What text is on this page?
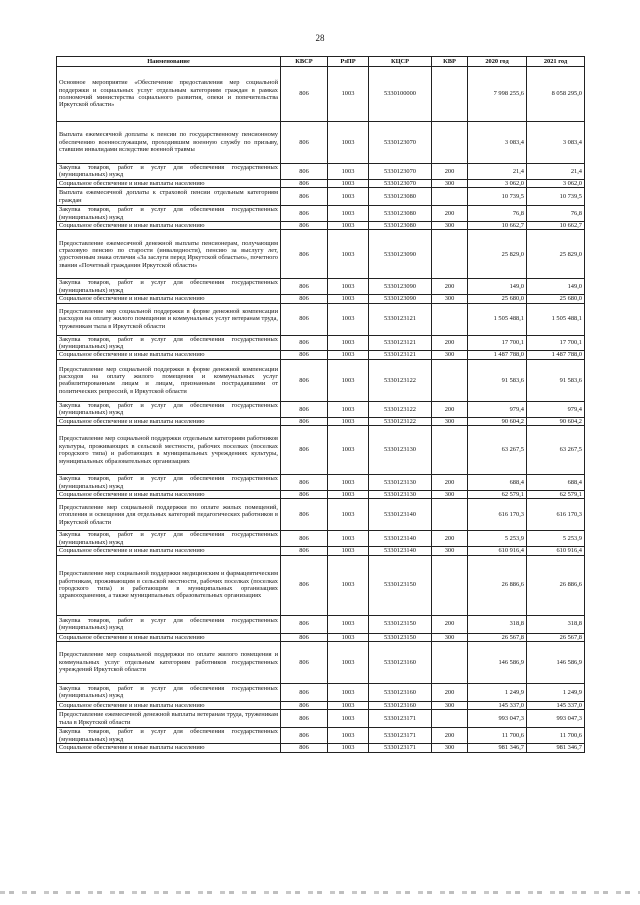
28
Наименование	КВСР	РзПР	КЦСР	КВР	2020 год	2021 год
Основное мероприятие «Обеспечение предоставления мер социальной поддержки и социальных услуг отдельным категориям граждан в рамках полномочий министерства социального развития, опеки и попечительства Иркутской области»	806	1003	5330100000		7 998 255,6	8 058 295,0
Выплата ежемесячной доплаты к пенсии по государственному пенсионному обеспечению военнослужащим, проходившим военную службу по призыву, ставшим инвалидами вследствие военной травмы	806	1003	5330123070		3 083,4	3 083,4
Закупка товаров, работ и услуг для обеспечения государственных (муниципальных) нужд	806	1003	5330123070	200	21,4	21,4
Социальное обеспечение и иные выплаты населению	806	1003	5330123070	300	3 062,0	3 062,0
Выплата ежемесячной доплаты к страховой пенсии отдельным категориям граждан	806	1003	5330123080		10 739,5	10 739,5
Закупка товаров, работ и услуг для обеспечения государственных (муниципальных) нужд	806	1003	5330123080	200	76,8	76,8
Социальное обеспечение и иные выплаты населению	806	1003	5330123080	300	10 662,7	10 662,7
Предоставление ежемесячной денежной выплаты пенсионерам, получающим страховую пенсию по старости (инвалидности), пенсию за выслугу лет, удостоенным знака отличия «За заслуги перед Иркутской областью», почетного звания «Почетный гражданин Иркутской области»	806	1003	5330123090		25 829,0	25 829,0
Закупка товаров, работ и услуг для обеспечения государственных (муниципальных) нужд	806	1003	5330123090	200	149,0	149,0
Социальное обеспечение и иные выплаты населению	806	1003	5330123090	300	25 680,0	25 680,0
Предоставление мер социальной поддержки в форме денежной компенсации расходов на оплату жилого помещения и коммунальных услуг ветеранам труда, труженикам тыла в Иркутской области	806	1003	5330123121		1 505 488,1	1 505 488,1
Закупка товаров, работ и услуг для обеспечения государственных (муниципальных) нужд	806	1003	5330123121	200	17 700,1	17 700,1
Социальное обеспечение и иные выплаты населению	806	1003	5330123121	300	1 487 788,0	1 487 788,0
Предоставление мер социальной поддержки в форме денежной компенсации расходов на оплату жилого помещения и коммунальных услуг реабилитированным лицам и лицам, признанным пострадавшими от политических репрессий, в Иркутской области	806	1003	5330123122		91 583,6	91 583,6
Закупка товаров, работ и услуг для обеспечения государственных (муниципальных) нужд	806	1003	5330123122	200	979,4	979,4
Социальное обеспечение и иные выплаты населению	806	1003	5330123122	300	90 604,2	90 604,2
Предоставление мер социальной поддержки отдельным категориям работников культуры, проживающих в сельской местности, рабочих поселках (поселках городского типа) и работающих в муниципальных учреждениях культуры, муниципальных образовательных организациях	806	1003	5330123130		63 267,5	63 267,5
Закупка товаров, работ и услуг для обеспечения государственных (муниципальных) нужд	806	1003	5330123130	200	688,4	688,4
Социальное обеспечение и иные выплаты населению	806	1003	5330123130	300	62 579,1	62 579,1
Предоставление мер социальной поддержки по оплате жилых помещений, отопления и освещения для отдельных категорий педагогических работников в Иркутской области	806	1003	5330123140		616 170,3	616 170,3
Закупка товаров, работ и услуг для обеспечения государственных (муниципальных) нужд	806	1003	5330123140	200	5 253,9	5 253,9
Социальное обеспечение и иные выплаты населению	806	1003	5330123140	300	610 916,4	610 916,4
Предоставление мер социальной поддержки медицинским и фармацевтическим работникам, проживающим в сельской местности, рабочих поселках (поселках городского типа) и работающим в муниципальных организациях здравоохранения, а также муниципальных образовательных организациях	806	1003	5330123150		26 886,6	26 886,6
Закупка товаров, работ и услуг для обеспечения государственных (муниципальных) нужд	806	1003	5330123150	200	318,8	318,8
Социальное обеспечение и иные выплаты населению	806	1003	5330123150	300	26 567,8	26 567,8
Предоставление мер социальной поддержки по оплате жилого помещения и коммунальных услуг отдельным категориям работников государственных учреждений Иркутской области	806	1003	5330123160		146 586,9	146 586,9
Закупка товаров, работ и услуг для обеспечения государственных (муниципальных) нужд	806	1003	5330123160	200	1 249,9	1 249,9
Социальное обеспечение и иные выплаты населению	806	1003	5330123160	300	145 337,0	145 337,0
Предоставление ежемесячной денежной выплаты ветеранам труда, труженикам тыла в Иркутской области	806	1003	5330123171		993 047,3	993 047,3
Закупка товаров, работ и услуг для обеспечения государственных (муниципальных) нужд	806	1003	5330123171	200	11 700,6	11 700,6
Социальное обеспечение и иные выплаты населению	806	1003	5330123171	300	981 346,7	981 346,7
